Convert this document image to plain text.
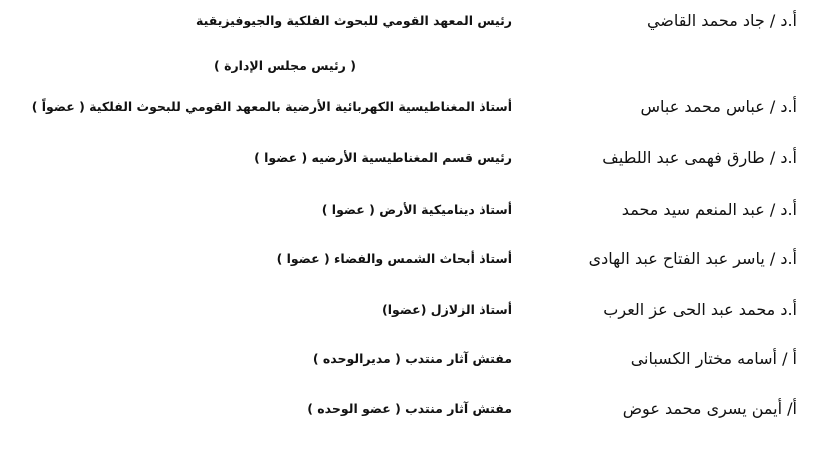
أ.د / جاد محمد القاضي
رئيس المعهد القومي للبحوث الفلكية والجيوفيزيقية
( رئيس مجلس الإدارة )
أ.د / عباس محمد عباس
أستاذ المغناطيسية الكهربائية الأرضية بالمعهد القومي للبحوث الفلكية ( عضواً )
أ.د / طارق فهمى عبد اللطيف
رئيس قسم المغناطيسية الأرضيه ( عضوا )
أ.د / عبد المنعم سيد محمد
أستاذ ديناميكية الأرض ( عضوا )
أ.د / ياسر عبد الفتاح عبد الهادى
أستاذ أبحاث الشمس والفضاء ( عضوا )
أ.د محمد عبد الحى عز العرب
أستاذ الزلازل (عضوا)
أ / أسامه مختار الكسبانى
مفتش آثار منتدب ( مديرالوحده )
أ/ أيمن يسرى محمد عوض
مفتش آثار منتدب ( عضو الوحده )
